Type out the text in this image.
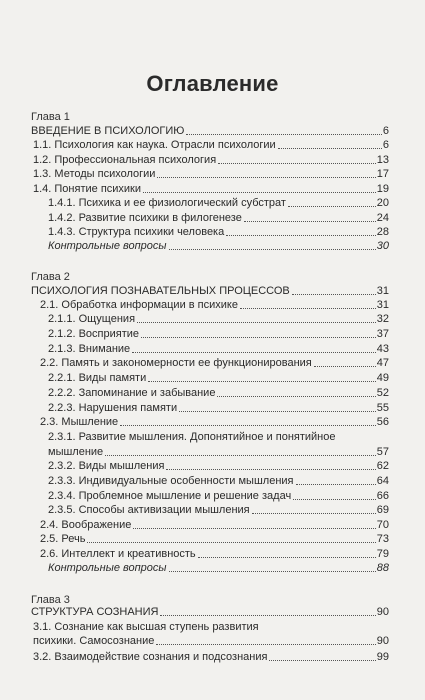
Оглавление
Глава 1
ВВЕДЕНИЕ В ПСИХОЛОГИЮ	6
1.1. Психология как наука. Отрасли психологии	6
1.2. Профессиональная психология	13
1.3. Методы психологии	17
1.4. Понятие психики	19
1.4.1. Психика и ее физиологический субстрат	20
1.4.2. Развитие психики в филогенезе	24
1.4.3. Структура психики человека	28
Контрольные вопросы	30
Глава 2
ПСИХОЛОГИЯ ПОЗНАВАТЕЛЬНЫХ ПРОЦЕССОВ	31
2.1. Обработка информации в психике	31
2.1.1. Ощущения	32
2.1.2. Восприятие	37
2.1.3. Внимание	43
2.2. Память и закономерности ее функционирования	47
2.2.1. Виды памяти	49
2.2.2. Запоминание и забывание	52
2.2.3. Нарушения памяти	55
2.3. Мышление	56
2.3.1. Развитие мышления. Допонятийное и понятийное
мышление	57
2.3.2. Виды мышления	62
2.3.3. Индивидуальные особенности мышления	64
2.3.4. Проблемное мышление и решение задач	66
2.3.5. Способы активизации мышления	69
2.4. Воображение	70
2.5. Речь	73
2.6. Интеллект и креативность	79
Контрольные вопросы	88
Глава 3
СТРУКТУРА СОЗНАНИЯ	90
3.1. Сознание как высшая ступень развития
психики. Самосознание	90
3.2. Взаимодействие сознания и подсознания	99
